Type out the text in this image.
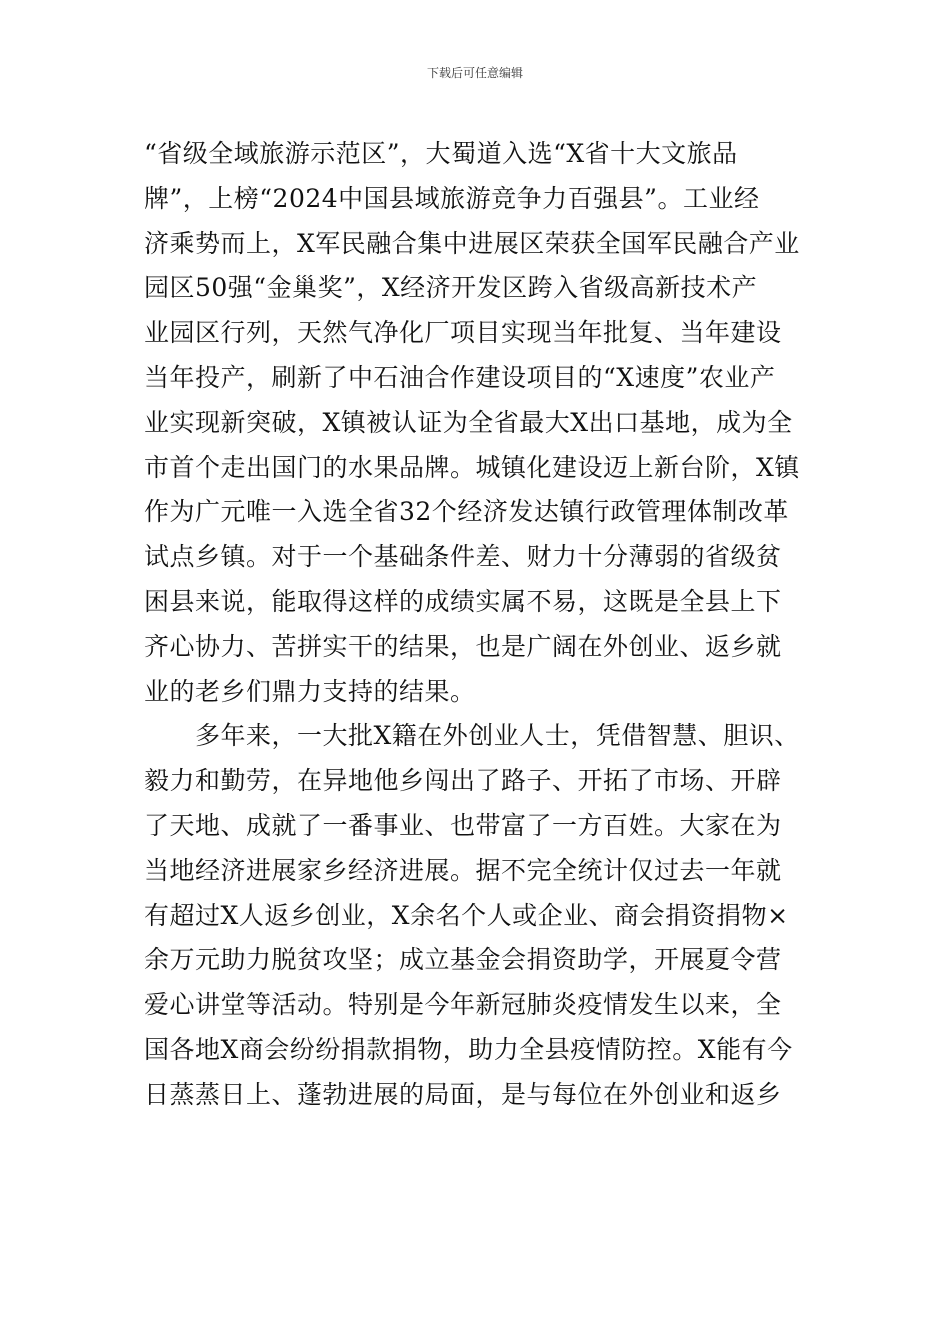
下载后可任意编辑

“省级全域旅游示范区”，大蜀道入选“X省十大文旅品
牌”，上榜“2024中国县域旅游竞争力百强县”。工业经
济乘势而上，X军民融合集中进展区荣获全国军民融合产业
园区50强“金巢奖”，X经济开发区跨入省级高新技术产
业园区行列，天然气净化厂项目实现当年批复、当年建设
当年投产，刷新了中石油合作建设项目的“X速度”农业产
业实现新突破，X镇被认证为全省最大X出口基地，成为全
市首个走出国门的水果品牌。城镇化建设迈上新台阶，X镇
作为广元唯一入选全省32个经济发达镇行政管理体制改革
试点乡镇。对于一个基础条件差、财力十分薄弱的省级贫
困县来说，能取得这样的成绩实属不易，这既是全县上下
齐心协力、苦拼实干的结果，也是广阔在外创业、返乡就
业的老乡们鼎力支持的结果。

多年来，一大批X籍在外创业人士，凭借智慧、胆识、
毅力和勤劳，在异地他乡闯出了路子、开拓了市场、开辟
了天地、成就了一番事业、也带富了一方百姓。大家在为
当地经济进展家乡经济进展。据不完全统计仅过去一年就
有超过X人返乡创业，X余名个人或企业、商会捐资捐物×
余万元助力脱贫攻坚；成立基金会捐资助学，开展夏令营
爱心讲堂等活动。特别是今年新冠肺炎疫情发生以来，全
国各地X商会纷纷捐款捐物，助力全县疫情防控。X能有今
日蒸蒸日上、蓬勃进展的局面，是与每位在外创业和返乡
